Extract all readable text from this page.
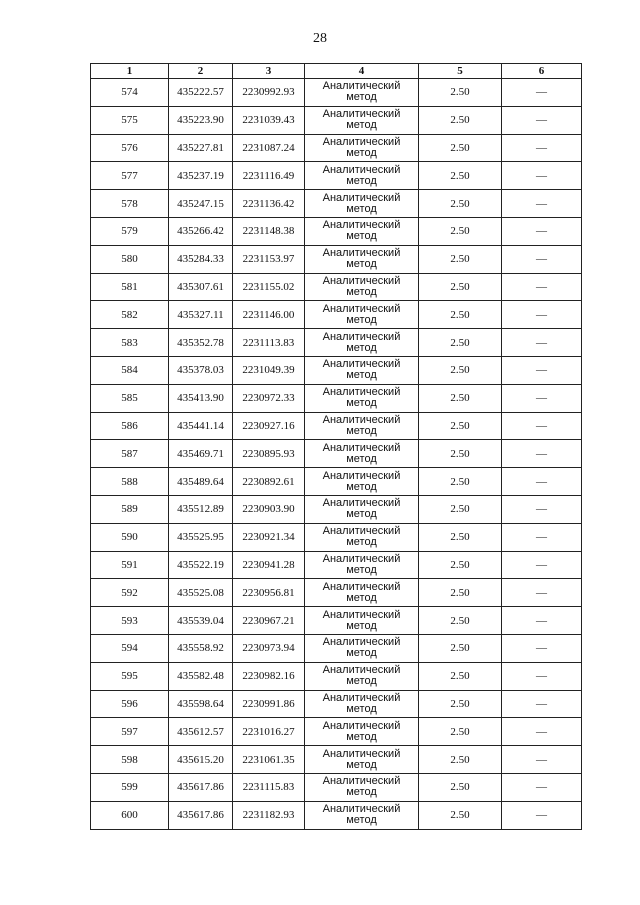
28
1	2	3	4	5	6
574	435222.57	2230992.93	Аналитический метод	2.50	—
575	435223.90	2231039.43	Аналитический метод	2.50	—
576	435227.81	2231087.24	Аналитический метод	2.50	—
577	435237.19	2231116.49	Аналитический метод	2.50	—
578	435247.15	2231136.42	Аналитический метод	2.50	—
579	435266.42	2231148.38	Аналитический метод	2.50	—
580	435284.33	2231153.97	Аналитический метод	2.50	—
581	435307.61	2231155.02	Аналитический метод	2.50	—
582	435327.11	2231146.00	Аналитический метод	2.50	—
583	435352.78	2231113.83	Аналитический метод	2.50	—
584	435378.03	2231049.39	Аналитический метод	2.50	—
585	435413.90	2230972.33	Аналитический метод	2.50	—
586	435441.14	2230927.16	Аналитический метод	2.50	—
587	435469.71	2230895.93	Аналитический метод	2.50	—
588	435489.64	2230892.61	Аналитический метод	2.50	—
589	435512.89	2230903.90	Аналитический метод	2.50	—
590	435525.95	2230921.34	Аналитический метод	2.50	—
591	435522.19	2230941.28	Аналитический метод	2.50	—
592	435525.08	2230956.81	Аналитический метод	2.50	—
593	435539.04	2230967.21	Аналитический метод	2.50	—
594	435558.92	2230973.94	Аналитический метод	2.50	—
595	435582.48	2230982.16	Аналитический метод	2.50	—
596	435598.64	2230991.86	Аналитический метод	2.50	—
597	435612.57	2231016.27	Аналитический метод	2.50	—
598	435615.20	2231061.35	Аналитический метод	2.50	—
599	435617.86	2231115.83	Аналитический метод	2.50	—
600	435617.86	2231182.93	Аналитический метод	2.50	—
